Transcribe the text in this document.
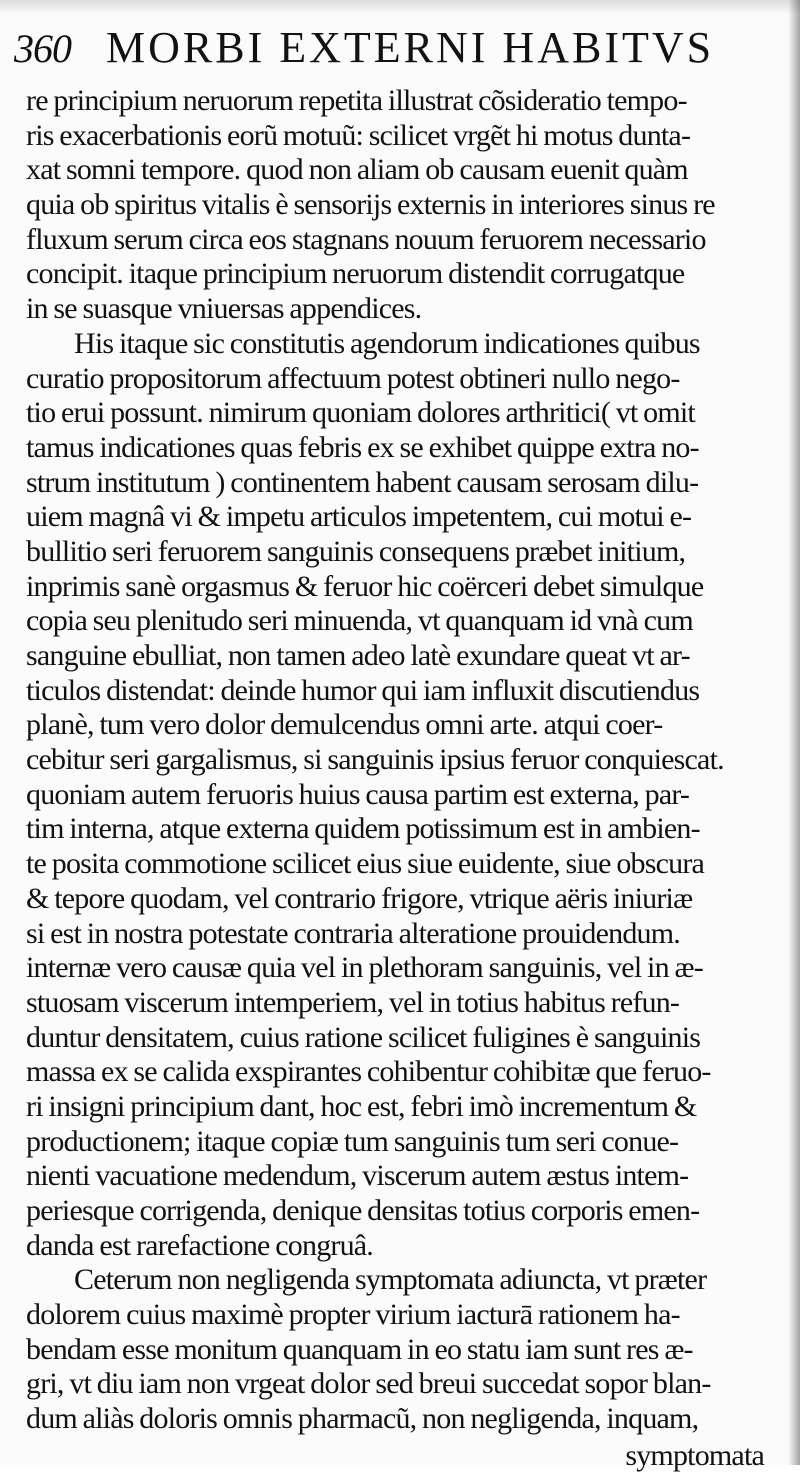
360 MORBI EXTERNI HABITVS
re principium neruorum repetita illustrat cõsideratio tempo-
ris exacerbationis eorũ motuũ: scilicet vrgẽt hi motus dunta-
xat somni tempore. quod non aliam ob causam euenit quàm
quia ob spiritus vitalis è sensorijs externis in interiores sinus re
fluxum serum circa eos stagnans nouum feruorem necessario
concipit. itaque principium neruorum distendit corrugatque
in se suasque vniuersas appendices.
His itaque sic constitutis agendorum indicationes quibus
curatio propositorum affectuum potest obtineri nullo nego-
tio erui possunt. nimirum quoniam dolores arthritici( vt omit
tamus indicationes quas febris ex se exhibet quippe extra no-
strum institutum ) continentem habent causam serosam dilu-
uiem magnâ vi & impetu articulos impetentem, cui motui e-
bullitio seri feruorem sanguinis consequens præbet initium,
inprimis sanè orgasmus & feruor hic coërceri debet simulque
copia seu plenitudo seri minuenda, vt quanquam id vnà cum
sanguine ebulliat, non tamen adeo latè exundare queat vt ar-
ticulos distendat: deinde humor qui iam influxit discutiendus
planè, tum vero dolor demulcendus omni arte. atqui coer-
cebitur seri gargalismus, si sanguinis ipsius feruor conquiescat.
quoniam autem feruoris huius causa partim est externa, par-
tim interna, atque externa quidem potissimum est in ambien-
te posita commotione scilicet eius siue euidente, siue obscura
& tepore quodam, vel contrario frigore, vtrique aëris iniuriæ
si est in nostra potestate contraria alteratione prouidendum.
internæ vero causæ quia vel in plethoram sanguinis, vel in æ-
stuosam viscerum intemperiem, vel in totius habitus refun-
duntur densitatem, cuius ratione scilicet fuligines è sanguinis
massa ex se calida exspirantes cohibentur cohibitæ que feruo-
ri insigni principium dant, hoc est, febri imò incrementum &
productionem; itaque copiæ tum sanguinis tum seri conue-
nienti vacuatione medendum, viscerum autem æstus intem-
periesque corrigenda, denique densitas totius corporis emen-
danda est rarefactione congruâ.
Ceterum non negligenda symptomata adiuncta, vt præter
dolorem cuius maximè propter virium iacturā rationem ha-
bendam esse monitum quanquam in eo statu iam sunt res æ-
gri, vt diu iam non vrgeat dolor sed breui succedat sopor blan-
dum aliàs doloris omnis pharmacũ, non negligenda, inquam,
symptomata
